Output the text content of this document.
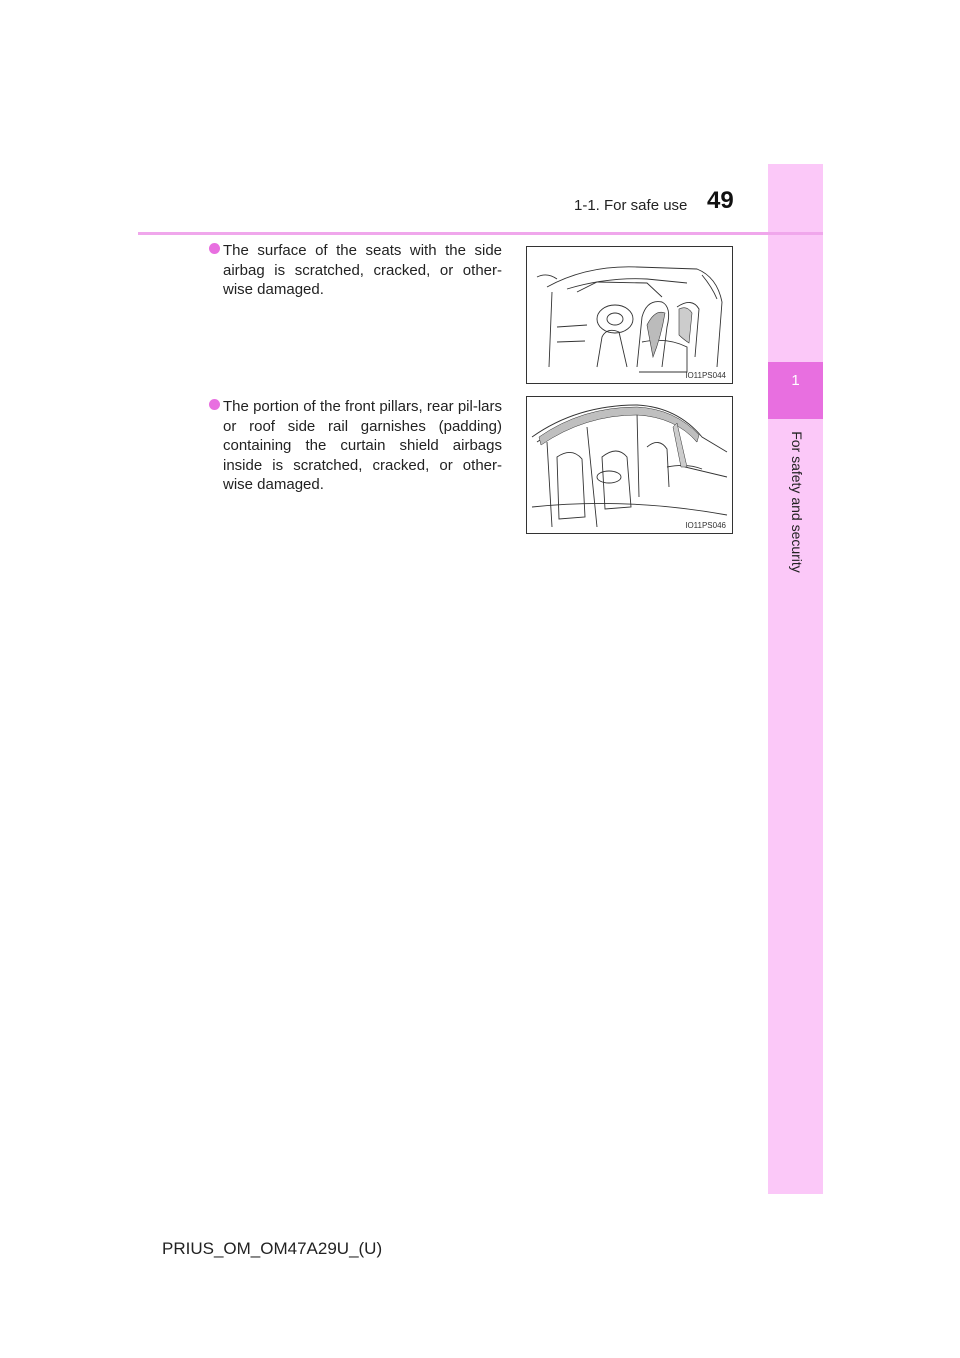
1
For safety and security
1-1. For safe use 49
The surface of the seats with the side airbag is scratched, cracked, or other-wise damaged.
IO11PS044
The portion of the front pillars, rear pil-lars or roof side rail garnishes (padding) containing the curtain shield airbags inside is scratched, cracked, or other-wise damaged.
IO11PS046
PRIUS_OM_OM47A29U_(U)
